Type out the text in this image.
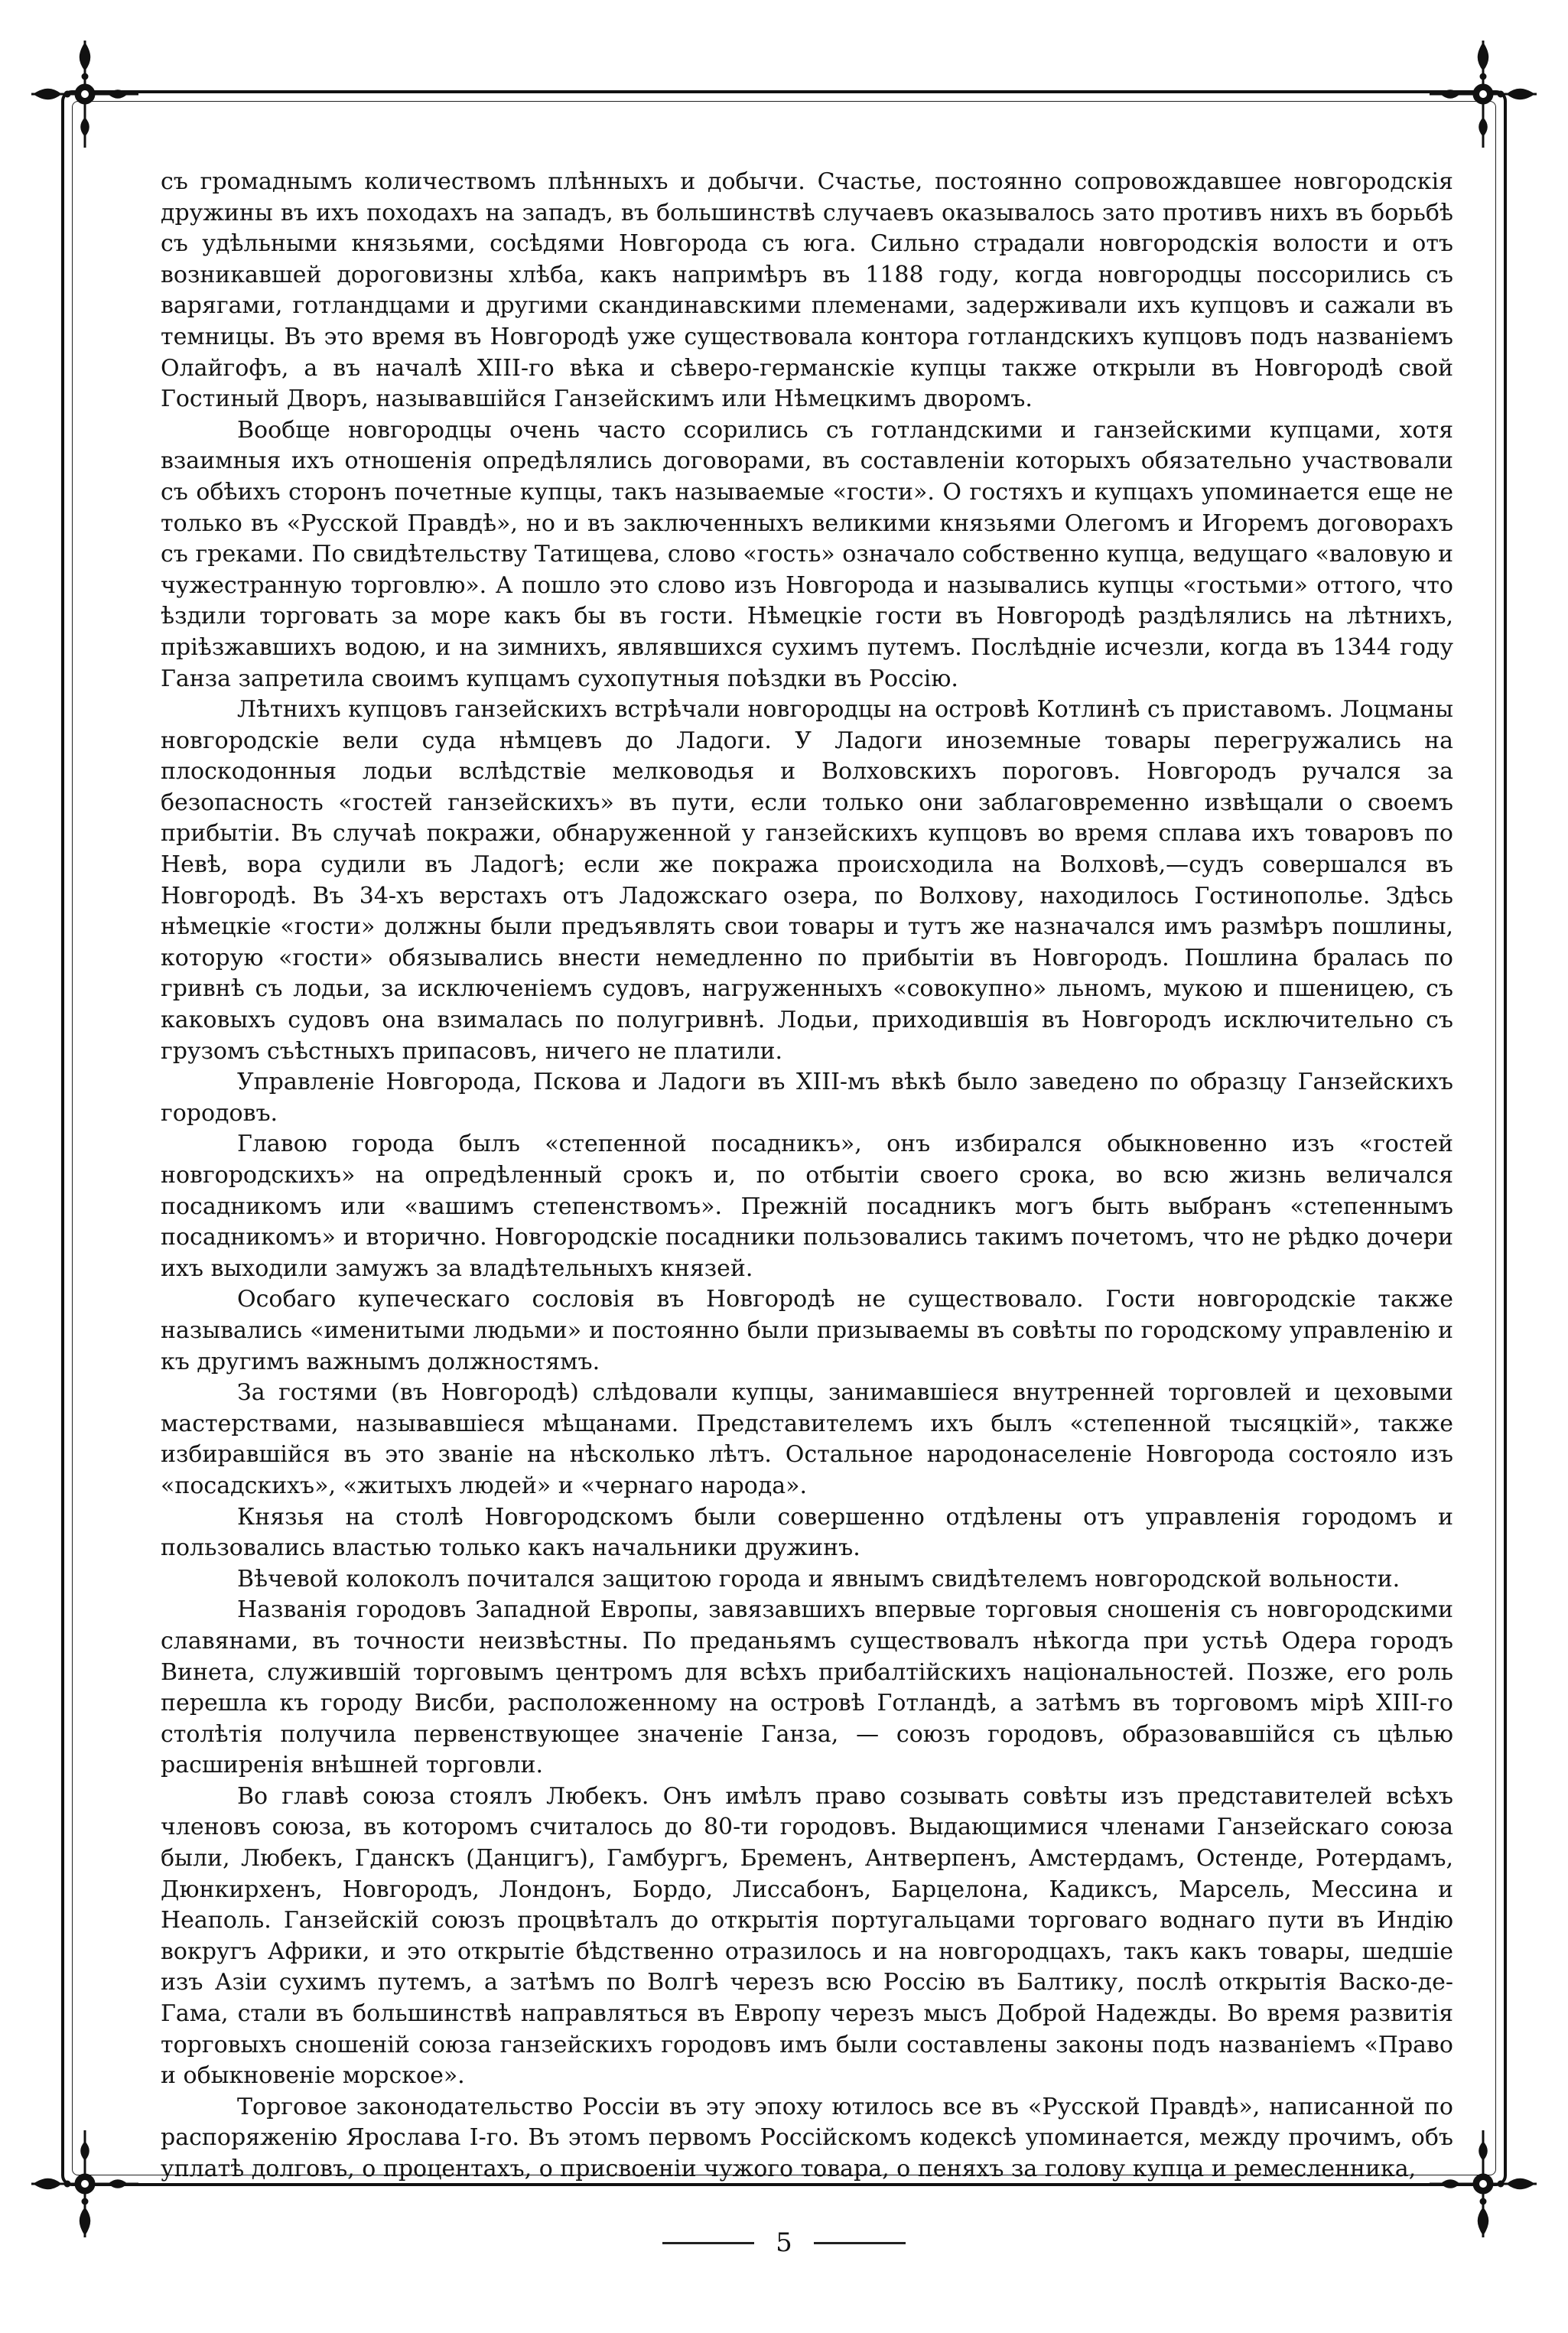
съ громаднымъ количествомъ плѣнныхъ и добычи. Счастье, постоянно сопровождавшее новгородскія дружины въ ихъ походахъ на западъ, въ большинствѣ случаевъ оказывалось зато противъ нихъ въ борьбѣ съ удѣльными князьями, сосѣдями Новгорода съ юга. Сильно страдали новгородскія волости и отъ возникавшей дороговизны хлѣба, какъ напримѣръ въ 1188 году, когда новгородцы поссорились съ варягами, готландцами и другими скандинавскими племенами, задерживали ихъ купцовъ и сажали въ темницы. Въ это время въ Новгородѣ уже существовала контора готландскихъ купцовъ подъ названіемъ Олайгофъ, а въ началѣ XIII-го вѣка и сѣверо-германскіе купцы также открыли въ Новгородѣ свой Гостиный Дворъ, называвшійся Ганзейскимъ или Нѣмецкимъ дворомъ.

Вообще новгородцы очень часто ссорились съ готландскими и ганзейскими купцами, хотя взаимныя ихъ отношенія опредѣлялись договорами, въ составленіи которыхъ обязательно участвовали съ обѣихъ сторонъ почетные купцы, такъ называемые «гости». О гостяхъ и купцахъ упоминается еще не только въ «Русской Правдѣ», но и въ заключенныхъ великими князьями Олегомъ и Игоремъ договорахъ съ греками. По свидѣтельству Татищева, слово «гость» означало собственно купца, ведущаго «валовую и чужестранную торговлю». А пошло это слово изъ Новгорода и назывались купцы «гостьми» оттого, что ѣздили торговать за море какъ бы въ гости. Нѣмецкіе гости въ Новгородѣ раздѣлялись на лѣтнихъ, пріѣзжавшихъ водою, и на зимнихъ, являвшихся сухимъ путемъ. Послѣдніе исчезли, когда въ 1344 году Ганза запретила своимъ купцамъ сухопутныя поѣздки въ Россію.

Лѣтнихъ купцовъ ганзейскихъ встрѣчали новгородцы на островѣ Котлинѣ съ приставомъ. Лоцманы новгородскіе вели суда нѣмцевъ до Ладоги. У Ладоги иноземные товары перегружались на плоскодонныя лодьи вслѣдствіе мелководья и Волховскихъ пороговъ. Новгородъ ручался за безопасность «гостей ганзейскихъ» въ пути, если только они заблаговременно извѣщали о своемъ прибытіи. Въ случаѣ покражи, обнаруженной у ганзейскихъ купцовъ во время сплава ихъ товаровъ по Невѣ, вора судили въ Ладогѣ; если же покража происходила на Волховѣ,—судъ совершался въ Новгородѣ. Въ 34-хъ верстахъ отъ Ладожскаго озера, по Волхову, находилось Гостинополье. Здѣсь нѣмецкіе «гости» должны были предъявлять свои товары и тутъ же назначался имъ размѣръ пошлины, которую «гости» обязывались внести немедленно по прибытіи въ Новгородъ. Пошлина бралась по гривнѣ съ лодьи, за исключеніемъ судовъ, нагруженныхъ «совокупно» льномъ, мукою и пшеницею, съ каковыхъ судовъ она взималась по полугривнѣ. Лодьи, приходившія въ Новгородъ исключительно съ грузомъ съѣстныхъ припасовъ, ничего не платили.

Управленіе Новгорода, Пскова и Ладоги въ XIII-мъ вѣкѣ было заведено по образцу Ганзейскихъ городовъ.

Главою города былъ «степенной посадникъ», онъ избирался обыкновенно изъ «гостей новгородскихъ» на опредѣленный срокъ и, по отбытіи своего срока, во всю жизнь величался посадникомъ или «вашимъ степенствомъ». Прежній посадникъ могъ быть выбранъ «степеннымъ посадникомъ» и вторично. Новгородскіе посадники пользовались такимъ почетомъ, что не рѣдко дочери ихъ выходили замужъ за владѣтельныхъ князей.

Особаго купеческаго сословія въ Новгородѣ не существовало. Гости новгородскіе также назывались «именитыми людьми» и постоянно были призываемы въ совѣты по городскому управленію и къ другимъ важнымъ должностямъ.

За гостями (въ Новгородѣ) слѣдовали купцы, занимавшіеся внутренней торговлей и цеховыми мастерствами, называвшіеся мѣщанами. Представителемъ ихъ былъ «степенной тысяцкій», также избиравшійся въ это званіе на нѣсколько лѣтъ. Остальное народонаселеніе Новгорода состояло изъ «посадскихъ», «житыхъ людей» и «чернаго народа».

Князья на столѣ Новгородскомъ были совершенно отдѣлены отъ управленія городомъ и пользовались властью только какъ начальники дружинъ.

Вѣчевой колоколъ почитался защитою города и явнымъ свидѣтелемъ новгородской вольности.

Названія городовъ Западной Европы, завязавшихъ впервые торговыя сношенія съ новгородскими славянами, въ точности неизвѣстны. По преданьямъ существовалъ нѣкогда при устьѣ Одера городъ Винета, служившій торговымъ центромъ для всѣхъ прибалтійскихъ національностей. Позже, его роль перешла къ городу Висби, расположенному на островѣ Готландѣ, а затѣмъ въ торговомъ мірѣ XIII-го столѣтія получила первенствующее значеніе Ганза, — союзъ городовъ, образовавшійся съ цѣлью расширенія внѣшней торговли.

Во главѣ союза стоялъ Любекъ. Онъ имѣлъ право созывать совѣты изъ представителей всѣхъ членовъ союза, въ которомъ считалось до 80-ти городовъ. Выдающимися членами Ганзейскаго союза были, Любекъ, Гданскъ (Данцигъ), Гамбургъ, Бременъ, Антверпенъ, Амстердамъ, Остенде, Ротердамъ, Дюнкирхенъ, Новгородъ, Лондонъ, Бордо, Лиссабонъ, Барцелона, Кадиксъ, Марсель, Мессина и Неаполь. Ганзейскій союзъ процвѣталъ до открытія португальцами торговаго воднаго пути въ Индію вокругъ Африки, и это открытіе бѣдственно отразилось и на новгородцахъ, такъ какъ товары, шедшіе изъ Азіи сухимъ путемъ, а затѣмъ по Волгѣ черезъ всю Россію въ Балтику, послѣ открытія Васко-де-Гама, стали въ большинствѣ направляться въ Европу черезъ мысъ Доброй Надежды. Во время развитія торговыхъ сношеній союза ганзейскихъ городовъ имъ были составлены законы подъ названіемъ «Право и обыкновеніе морское».

Торговое законодательство Россіи въ эту эпоху ютилось все въ «Русской Правдѣ», написанной по распоряженію Ярослава І-го. Въ этомъ первомъ Россійскомъ кодексѣ упоминается, между прочимъ, объ уплатѣ долговъ, о процентахъ, о присвоеніи чужого товара, о пеняхъ за голову купца и ремесленника,

5
